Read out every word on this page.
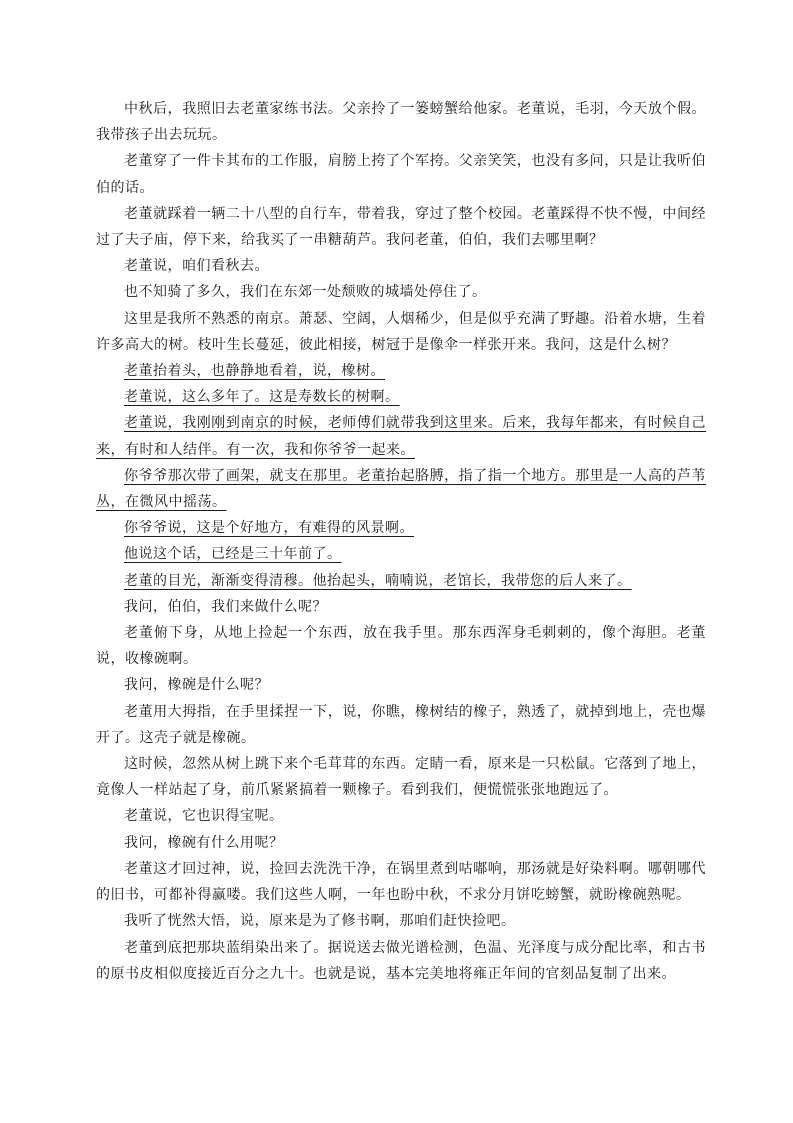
中秋后，我照旧去老董家练书法。父亲拎了一篓螃蟹给他家。老董说，毛羽，今天放个假。我带孩子出去玩玩。

老董穿了一件卡其布的工作服，肩膀上挎了个军挎。父亲笑笑，也没有多问，只是让我听伯伯的话。

老董就踩着一辆二十八型的自行车，带着我，穿过了整个校园。老董踩得不快不慢，中间经过了夫子庙，停下来，给我买了一串糖葫芦。我问老董，伯伯，我们去哪里啊？

老董说，咱们看秋去。

也不知骑了多久，我们在东郊一处颓败的城墙处停住了。

这里是我所不熟悉的南京。萧瑟、空阔，人烟稀少，但是似乎充满了野趣。沿着水塘，生着许多高大的树。枝叶生长蔓延，彼此相接，树冠于是像伞一样张开来。我问，这是什么树？

老董抬着头，也静静地看着，说，橡树。

老董说，这么多年了。这是寿数长的树啊。

老董说，我刚刚到南京的时候，老师傅们就带我到这里来。后来，我每年都来，有时候自己来，有时和人结伴。有一次，我和你爷爷一起来。

你爷爷那次带了画架，就支在那里。老董抬起胳膊，指了指一个地方。那里是一人高的芦苇丛，在微风中摇荡。

你爷爷说，这是个好地方，有难得的风景啊。

他说这个话，已经是三十年前了。

老董的目光，渐渐变得清穆。他抬起头，喃喃说，老馆长，我带您的后人来了。

我问，伯伯，我们来做什么呢？

老董俯下身，从地上捡起一个东西，放在我手里。那东西浑身毛刺刺的，像个海胆。老董说，收橡碗啊。

我问，橡碗是什么呢？

老董用大拇指，在手里揉捏一下，说，你瞧，橡树结的橡子，熟透了，就掉到地上，壳也爆开了。这壳子就是橡碗。

这时候，忽然从树上跳下来个毛茸茸的东西。定睛一看，原来是一只松鼠。它落到了地上，竟像人一样站起了身，前爪紧紧搞着一颗橡子。看到我们，便慌慌张张地跑远了。

老董说，它也识得宝呢。

我问，橡碗有什么用呢？

老董这才回过神，说，捡回去洗洗干净，在锅里煮到咕嘟响，那汤就是好染料啊。哪朝哪代的旧书，可都补得赢喽。我们这些人啊，一年也盼中秋，不求分月饼吃螃蟹，就盼橡碗熟呢。

我听了恍然大悟，说，原来是为了修书啊，那咱们赶快捡吧。

老董到底把那块蓝绢染出来了。据说送去做光谱检测，色温、光泽度与成分配比率，和古书的原书皮相似度接近百分之九十。也就是说，基本完美地将雍正年间的官刻品复制了出来。
